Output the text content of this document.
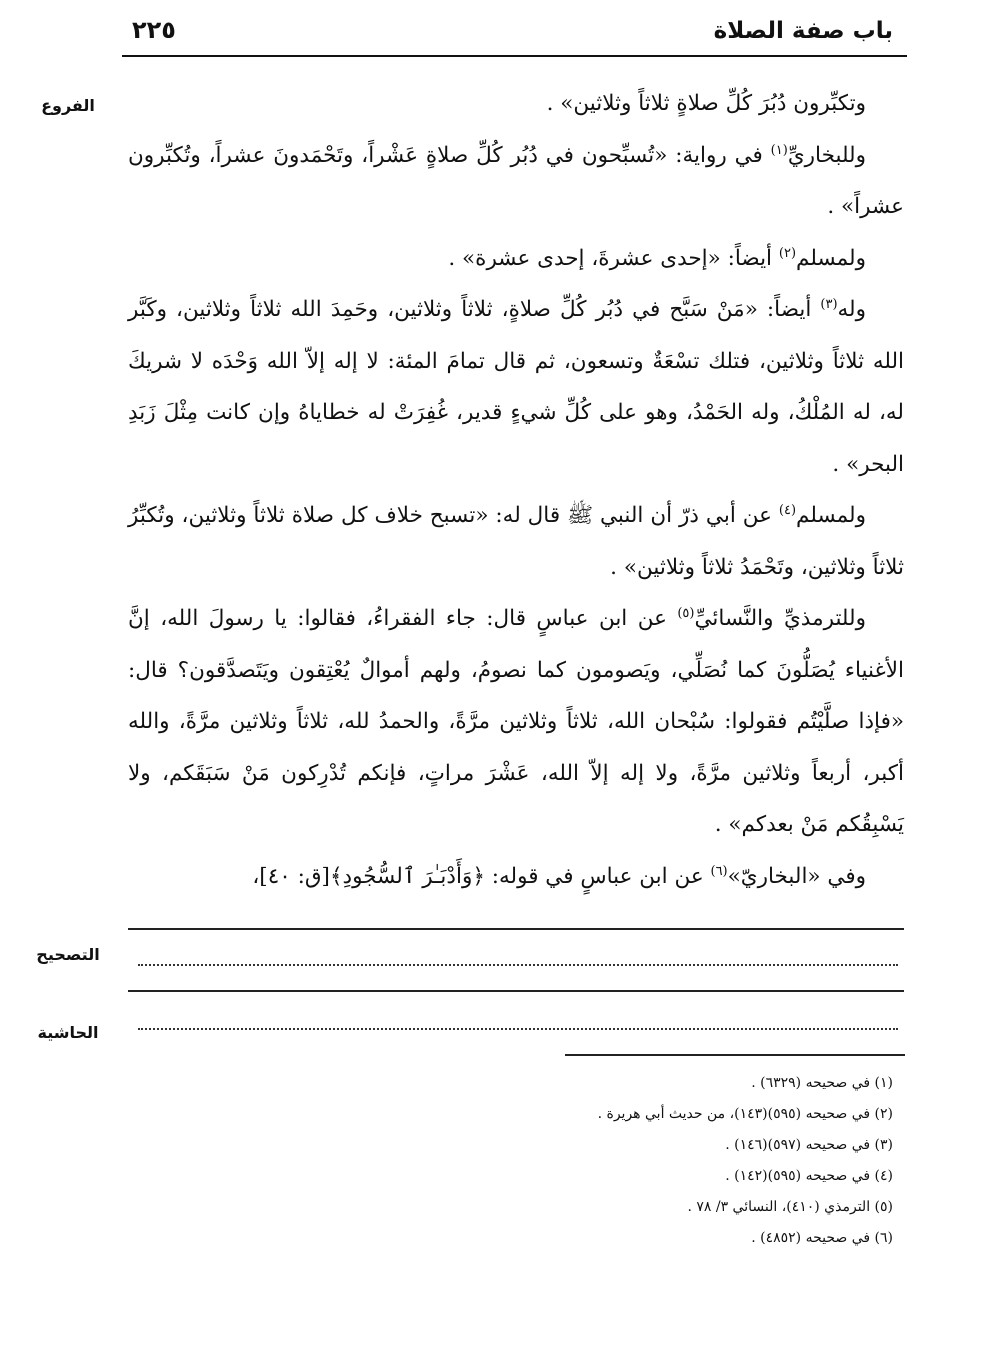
باب صفة الصلاة
٢٢٥
الفروع
التصحيح
الحاشية

وتكبِّرون دُبُرَ كُلِّ صلاةٍ ثلاثاً وثلاثين» .

وللبخاريِّ$^{(١)}$ في رواية: «تُسبِّحون في دُبُر كُلِّ صلاةٍ عَشْراً، وتَحْمَدونَ عشراً، وتُكبِّرون عشراً» .

ولمسلم$^{(٢)}$ أيضاً: «إحدى عشرةَ، إحدى عشرة» .

وله$^{(٣)}$ أيضاً: «مَنْ سَبَّح في دُبُر كُلِّ صلاةٍ، ثلاثاً وثلاثين، وحَمِدَ الله ثلاثاً وثلاثين، وكَبَّر الله ثلاثاً وثلاثين، فتلك تسْعَةٌ وتسعون، ثم قال تمامَ المئة: لا إله إلاّ الله وَحْدَه لا شريكَ له، له المُلْكُ، وله الحَمْدُ، وهو على كُلِّ شيءٍ قدير، غُفِرَتْ له خطاياهُ وإن كانت مِثْلَ زَبَدِ البحر» .

ولمسلم$^{(٤)}$ عن أبي ذرّ أن النبي ﷺ قال له: «تسبح خلاف كل صلاة ثلاثاً وثلاثين، وتُكبِّرُ ثلاثاً وثلاثين، وتَحْمَدُ ثلاثاً وثلاثين» .

وللترمذيِّ والنَّسائيِّ$^{(٥)}$ عن ابن عباسٍ قال: جاء الفقراءُ، فقالوا: يا رسولَ الله، إنَّ الأغنياء يُصَلُّونَ كما نُصَلِّي، ويَصومون كما نصومُ، ولهم أموالٌ يُعْتِقون ويَتَصدَّقون؟ قال: «فإذا صلَّيْتُم فقولوا: سُبْحان الله، ثلاثاً وثلاثين مرَّةً، والحمدُ لله، ثلاثاً وثلاثين مرَّةً، والله أكبر، أربعاً وثلاثين مرَّةً، ولا إله إلاّ الله، عَشْرَ مراتٍ، فإنكم تُدْرِكون مَنْ سَبَقَكم، ولا يَسْبِقُكم مَنْ بعدكم» .

وفي «البخاريّ»$^{(٦)}$ عن ابن عباسٍ في قوله: ﴿وَأَدْبَـٰرَ ٱلسُّجُودِ﴾[ق: ٤٠]،

(١) في صحيحه (٦٣٢٩) .
(٢) في صحيحه (٥٩٥)(١٤٣)، من حديث أبي هريرة .
(٣) في صحيحه (٥٩٧)(١٤٦) .
(٤) في صحيحه (٥٩٥)(١٤٢) .
(٥) الترمذي (٤١٠)، النسائي ٣/ ٧٨ .
(٦) في صحيحه (٤٨٥٢) .
